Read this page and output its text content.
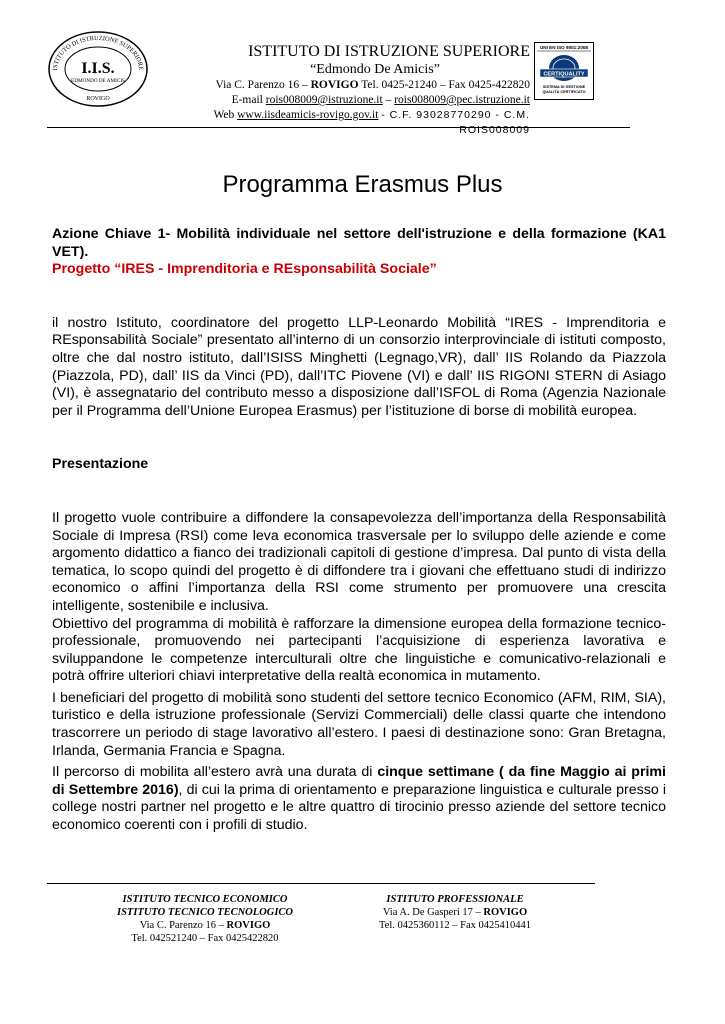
ISTITUTO DI ISTRUZIONE SUPERIORE
I.I.S.
EDMONDO DE AMICIS
ROVIGO
ISTITUTO DI ISTRUZIONE SUPERIORE
“Edmondo De Amicis”
Via C. Parenzo 16 – ROVIGO Tel. 0425-21240 – Fax 0425-422820
E-mail rois008009@istruzione.it – rois008009@pec.istruzione.it
Web www.iisdeamicis-rovigo.gov.it - C.F. 93028770290 - C.M. ROIS008009
UNI EN ISO 9001:2008
CERTIQUALITY
SISTEMA DI GESTIONE
QUALITÀ CERTIFICATO
Programma Erasmus Plus

Azione Chiave 1- Mobilità individuale nel settore dell'istruzione e della formazione (KA1 VET).

Progetto “IRES - Imprenditoria e REsponsabilità Sociale”

il nostro Istituto, coordinatore del progetto LLP-Leonardo Mobilità “IRES - Imprenditoria e REsponsabilità Sociale” presentato all’interno di un consorzio interprovinciale di istituti composto, oltre che dal nostro istituto, dall’ISISS Minghetti (Legnago,VR), dall’ IIS Rolando da Piazzola (Piazzola, PD), dall’ IIS da Vinci (PD), dall’ITC Piovene (VI) e dall’ IIS RIGONI STERN di Asiago (VI), è assegnatario del contributo messo a disposizione dall’ISFOL di Roma (Agenzia Nazionale per il Programma dell’Unione Europea Erasmus) per l’istituzione di borse di mobilità europea.

Presentazione

Il progetto vuole contribuire a diffondere la consapevolezza dell’importanza della Responsabilità Sociale di Impresa (RSI) come leva economica trasversale per lo sviluppo delle aziende e come argomento didattico a fianco dei tradizionali capitoli di gestione d’impresa. Dal punto di vista della tematica, lo scopo quindi del progetto è di diffondere tra i giovani che effettuano studi di indirizzo economico o affini l’importanza della RSI come strumento per promuovere una crescita intelligente, sostenibile e inclusiva.

Obiettivo del programma di mobilità è rafforzare la dimensione europea della formazione tecnico-professionale, promuovendo nei partecipanti l’acquisizione di esperienza lavorativa e sviluppandone le competenze interculturali oltre che linguistiche e comunicativo-relazionali e potrà offrire ulteriori chiavi interpretative della realtà economica in mutamento.

I beneficiari del progetto di mobilità sono studenti del settore tecnico Economico (AFM, RIM, SIA), turistico e della istruzione professionale (Servizi Commerciali) delle classi quarte che intendono trascorrere un periodo di stage lavorativo all’estero. I paesi di destinazione sono: Gran Bretagna, Irlanda, Germania Francia e Spagna.

Il percorso di mobilita all’estero avrà una durata di cinque settimane ( da fine Maggio ai primi di Settembre 2016), di cui la prima di orientamento e preparazione linguistica e culturale presso i college nostri partner nel progetto e le altre quattro di tirocinio presso aziende del settore tecnico economico coerenti con i profili di studio.

ISTITUTO TECNICO ECONOMICO
ISTITUTO TECNICO TECNOLOGICO
Via C. Parenzo 16 – ROVIGO
Tel. 042521240 – Fax 0425422820
ISTITUTO PROFESSIONALE
Via A. De Gasperi 17 – ROVIGO
Tel. 0425360112 – Fax 0425410441
